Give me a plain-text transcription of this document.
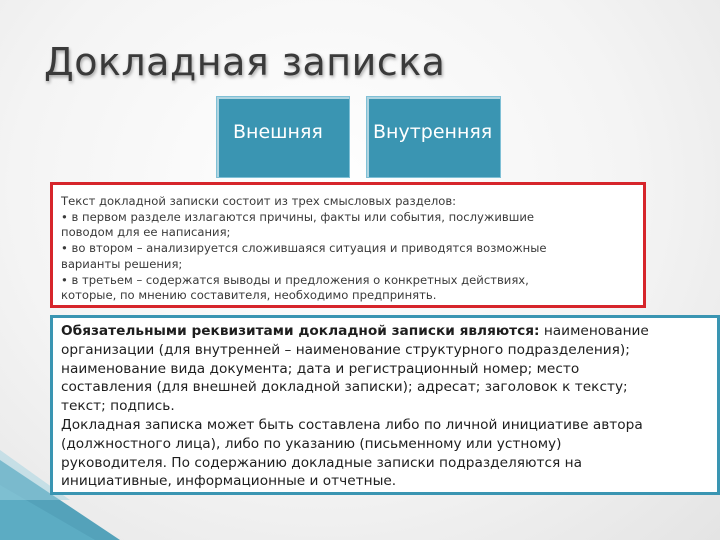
Докладная записка
Внешняя	Внутренняя
Текст докладной записки состоит из трех смысловых разделов:
• в первом разделе излагаются причины, факты или события, послужившие
поводом для ее написания;
• во втором – анализируется сложившаяся ситуация и приводятся возможные
варианты решения;
• в третьем – содержатся выводы и предложения о конкретных действиях,
которые, по мнению составителя, необходимо предпринять.
Обязательными реквизитами докладной записки являются: наименование
организации (для внутренней – наименование структурного подразделения);
наименование вида документа; дата и регистрационный номер; место
составления (для внешней докладной записки); адресат; заголовок к тексту;
текст; подпись.
Докладная записка может быть составлена либо по личной инициативе автора
(должностного лица), либо по указанию (письменному или устному)
руководителя. По содержанию докладные записки подразделяются на
инициативные, информационные и отчетные.
